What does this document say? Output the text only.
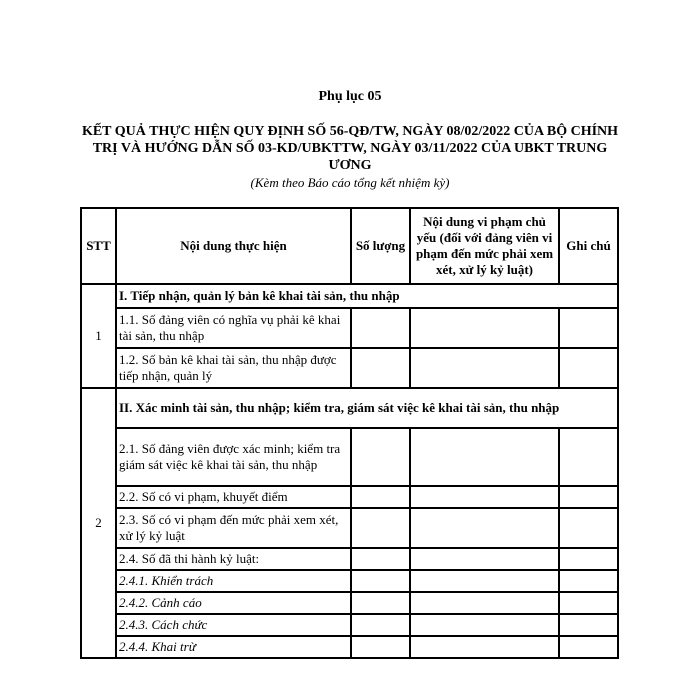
Phụ lục 05
KẾT QUẢ THỰC HIỆN QUY ĐỊNH SỐ 56-QĐ/TW, NGÀY 08/02/2022 CỦA BỘ CHÍNH TRỊ VÀ HƯỚNG DẪN SỐ 03-KD/UBKTTW, NGÀY 03/11/2022 CỦA UBKT TRUNG ƯƠNG
(Kèm theo Báo cáo tổng kết nhiệm kỳ)
STT	Nội dung thực hiện	Số lượng	Nội dung vi phạm chủ yếu (đối với đảng viên vi phạm đến mức phải xem xét, xử lý kỷ luật)	Ghi chú
1	I. Tiếp nhận, quản lý bản kê khai tài sản, thu nhập			
	1.1. Số đảng viên có nghĩa vụ phải kê khai tài sản, thu nhập			
	1.2. Số bản kê khai tài sản, thu nhập được tiếp nhận, quản lý			
2	II. Xác minh tài sản, thu nhập; kiểm tra, giám sát việc kê khai tài sản, thu nhập			
	2.1. Số đảng viên được xác minh; kiểm tra giám sát việc kê khai tài sản, thu nhập			
	2.2. Số có vi phạm, khuyết điểm			
	2.3. Số có vi phạm đến mức phải xem xét, xử lý kỷ luật			
	2.4. Số đã thi hành kỷ luật:			
	2.4.1. Khiển trách			
	2.4.2. Cảnh cáo			
	2.4.3. Cách chức			
	2.4.4. Khai trừ			
